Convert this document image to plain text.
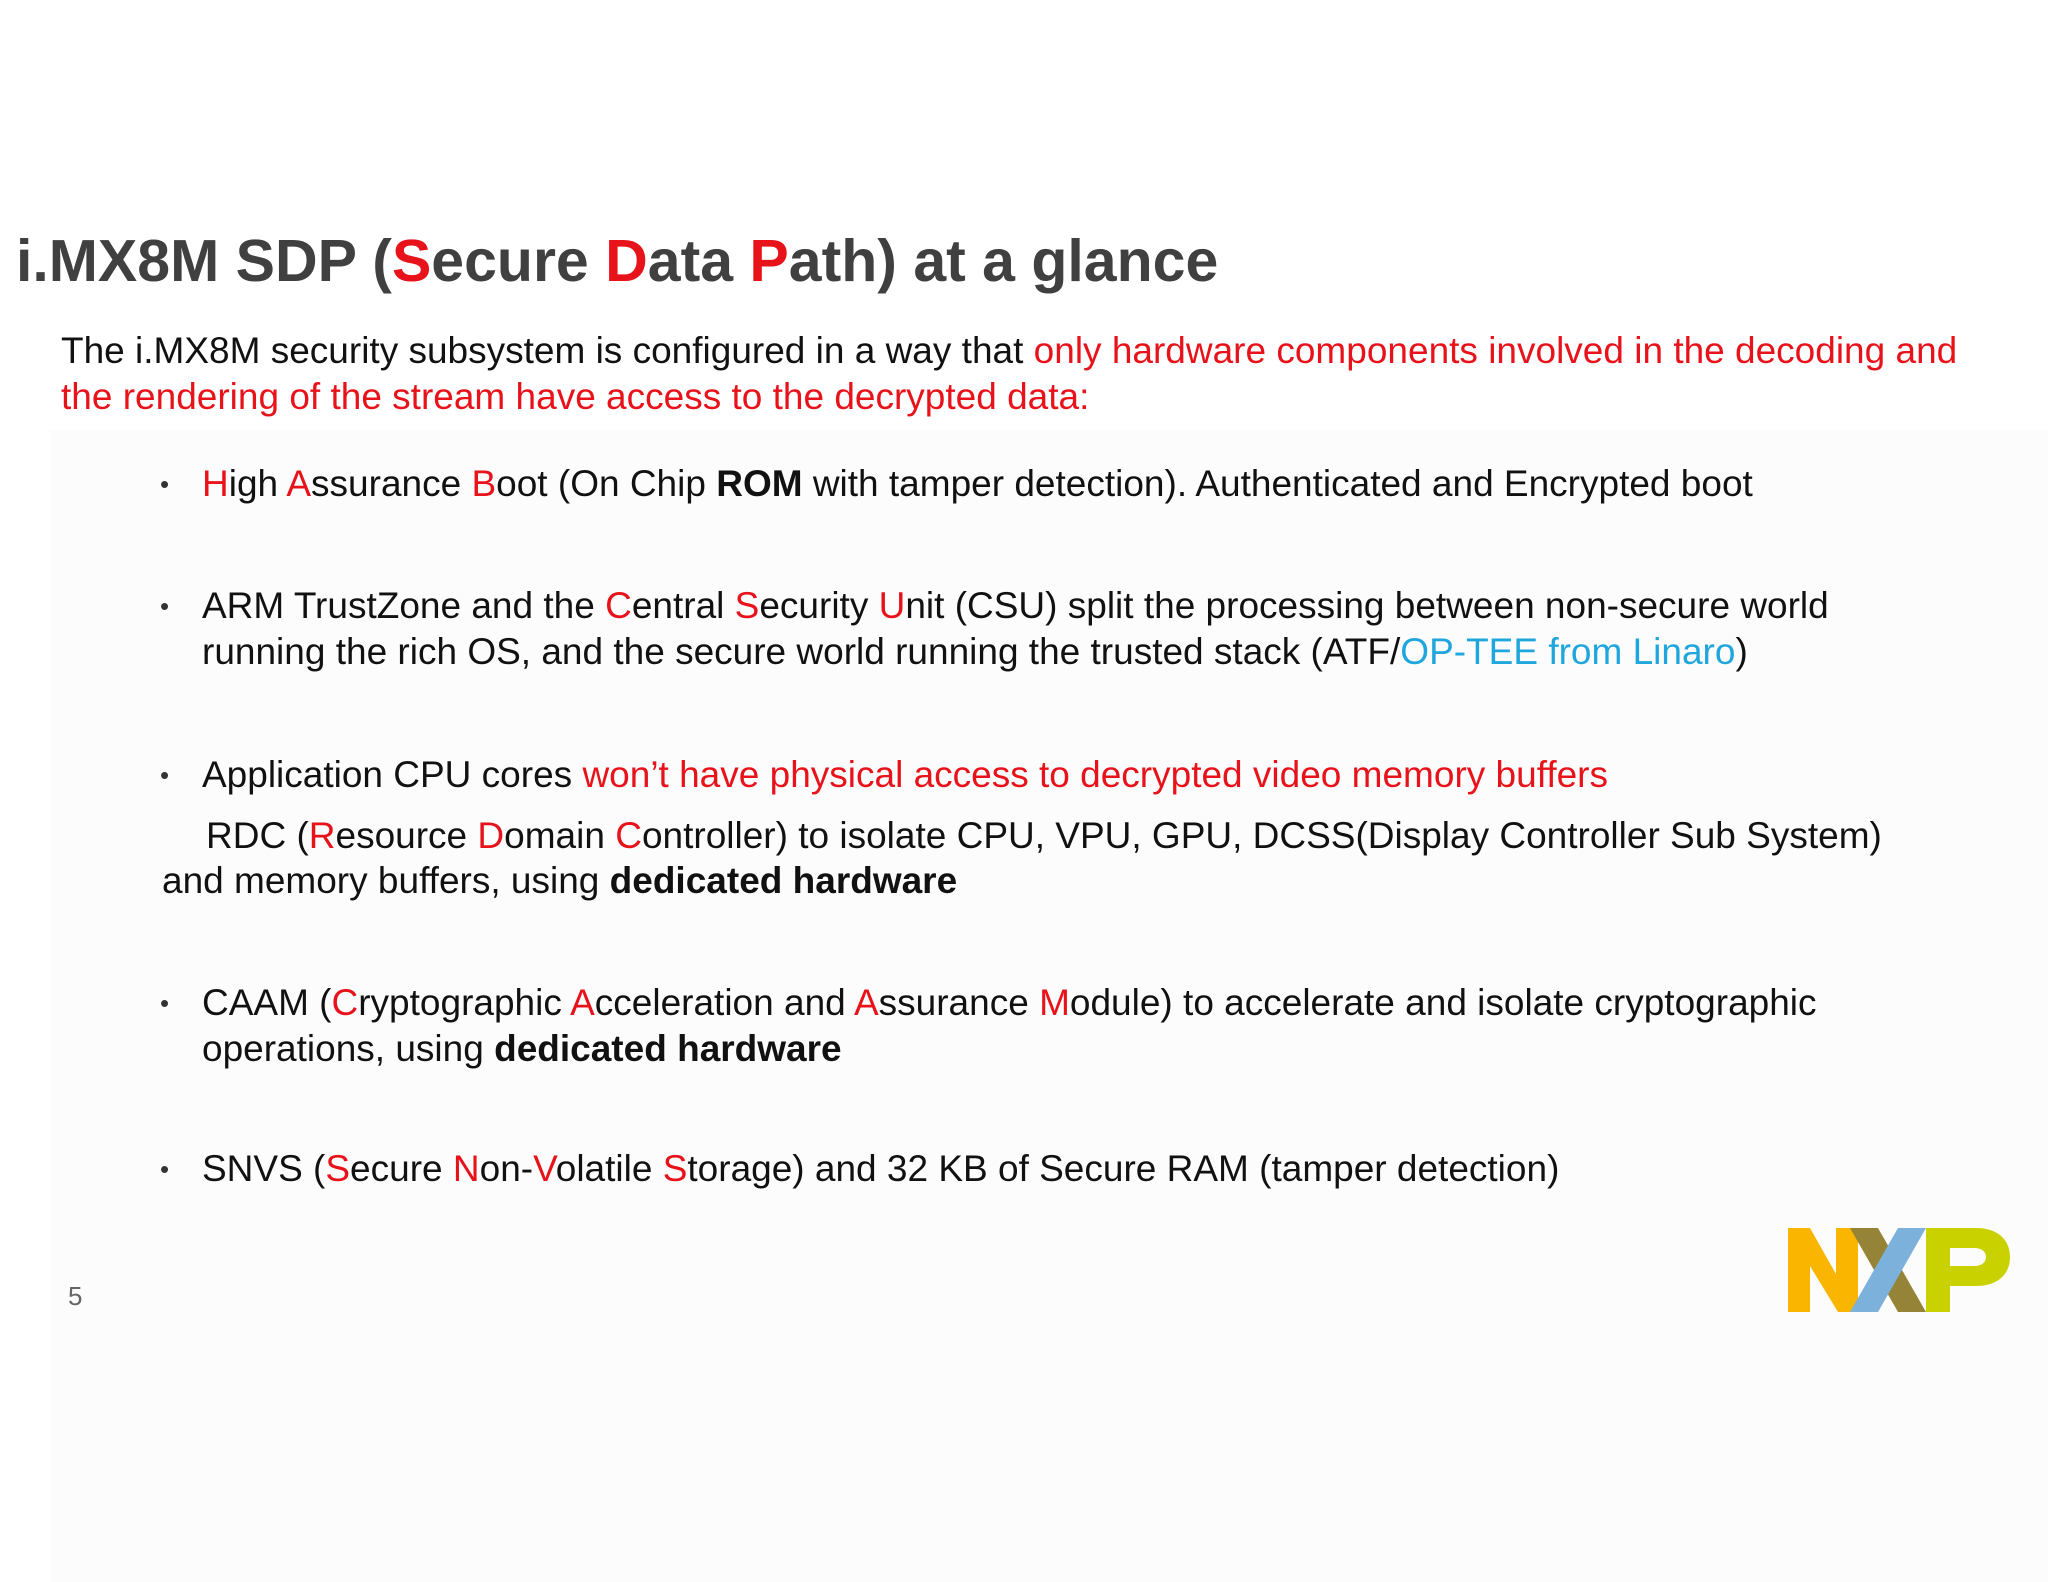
i.MX8M SDP (Secure Data Path) at a glance

The i.MX8M security subsystem is configured in a way that only hardware components involved in the decoding and
the rendering of the stream have access to the decrypted data:

• High Assurance Boot (On Chip ROM with tamper detection). Authenticated and Encrypted boot
• ARM TrustZone and the Central Security Unit (CSU) split the processing between non-secure world
running the rich OS, and the secure world running the trusted stack (ATF/OP-TEE from Linaro)
• Application CPU cores won’t have physical access to decrypted video memory buffers
RDC (Resource Domain Controller) to isolate CPU, VPU, GPU, DCSS(Display Controller Sub System)
and memory buffers, using dedicated hardware
• CAAM (Cryptographic Acceleration and Assurance Module) to accelerate and isolate cryptographic
operations, using dedicated hardware
• SNVS (Secure Non-Volatile Storage) and 32 KB of Secure RAM (tamper detection)
5
